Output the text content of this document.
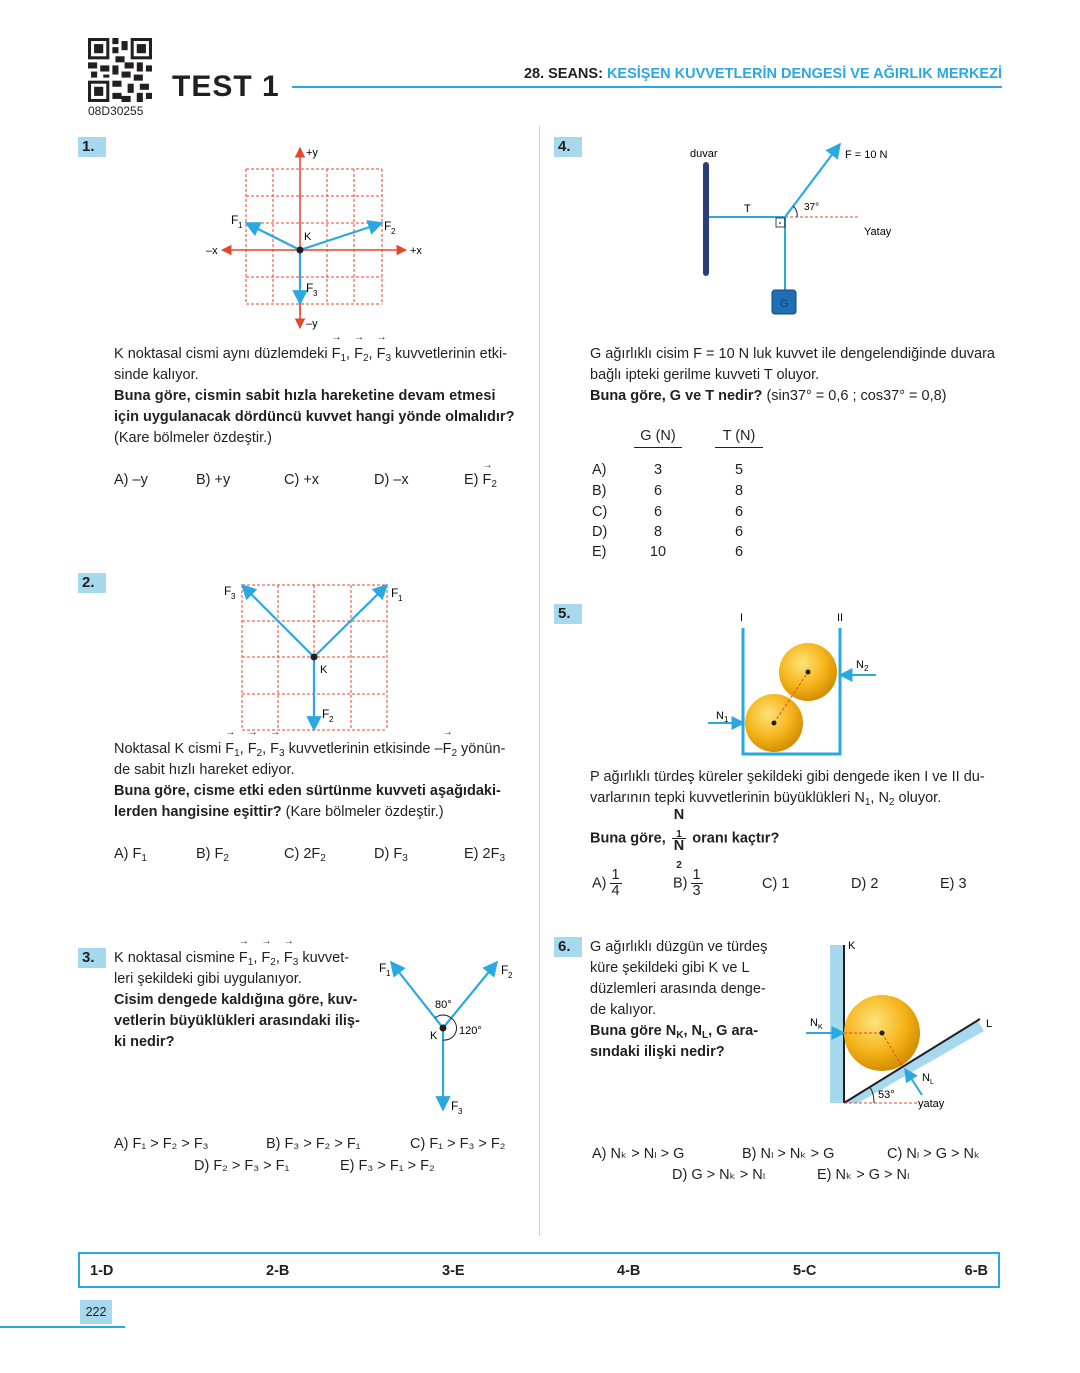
08D30255
TEST 1	28. SEANS: KESİŞEN KUVVETLERİN DENGESİ VE AĞIRLIK MERKEZİ
1.	+y
–y
+x
–x
K
F 1	F 2
F 3
K noktasal cismi aynı düzlemdeki → $F_1$, → $F_2$, → $F_3$ kuvvetlerinin etki-
sinde kalıyor.
Buna göre, cismin sabit hızla hareketine devam etmesi
için uygulanacak dördüncü kuvvet hangi yönde olmalıdır?
(Kare bölmeler özdeştir.)
A) –y	B) +y	C) +x	D) –x	$E) \to F_2$
2.
K
F 1
F 3
F 2
Noktasal K cismi → $F_1$, → $F_2$, → $F_3$ kuvvetlerinin etkisinde –→ $F_2$ yönün-
de sabit hızlı hareket ediyor.
Buna göre, cisme etki eden sürtünme kuvveti aşağıdaki-
lerden hangisine eşittir? (Kare bölmeler özdeştir.)
A) $F_1$	B) $F_2$	C) $2F_2$	D) $F_3$	E) $2F_3$
3.	K noktasal $cismine \to F_1$, → $F_2$, → $F_3$ kuvvet-
leri şekildeki gibi uygulanıyor.
Cisim dengede kaldığına göre, kuv-
vetlerin büyüklükleri arasındaki iliş-
ki nedir?
80°
120°
K
F 1	F 2
F 3
A) F₁ > F₂ > F₃	B) F₃ > F₂ > F₁	C) F₁ > F₃ > F₂
D) F₂ > F₃ > F₁	E) F₃ > F₁ > F₂
4.	duvar
G
F = 10 N
37°
T
Yatay
G ağırlıklı cisim F = 10 N luk kuvvet ile dengelendiğinde duvara
bağlı ipteki gerilme kuvveti T oluyor.
Buna göre, G ve T nedir? (sin37° = 0,6 ; cos37° = 0,8)
G (N)	T (N)
A)	3	5
B)	6	8
C)	6	6
D)	8	6
E)	10	6
5.	I	II
N 1
N 2
P ağırlıklı türdeş küreler şekildeki gibi dengede iken I ve II du-
varlarının tepki kuvvetlerinin büyüklükleri $N_1$, $N_2$ oluyor.
Buna göre, N
$_1$
N
$_2$ oranı kaçtır?
$A) \frac{1}{4}$	$B) \frac{1}{3}$	C) 1	D) 2	E) 3
6.	G ağırlıklı düzgün ve türdeş
küre şekildeki gibi K ve L
düzlemleri arasında denge-
de kalıyor.
Buna göre $N_K$, $N_L$, G ara-
sındaki ilişki nedir?
K
L
N K
N L
53°
yatay
A) Nₖ > Nₗ > G	B) Nₗ > Nₖ > G	C) Nₗ > G > Nₖ
D) G > Nₖ > Nₗ	E) Nₖ > G > Nₗ
1-D	2-B	3-E	4-B	5-C	6-B
222
